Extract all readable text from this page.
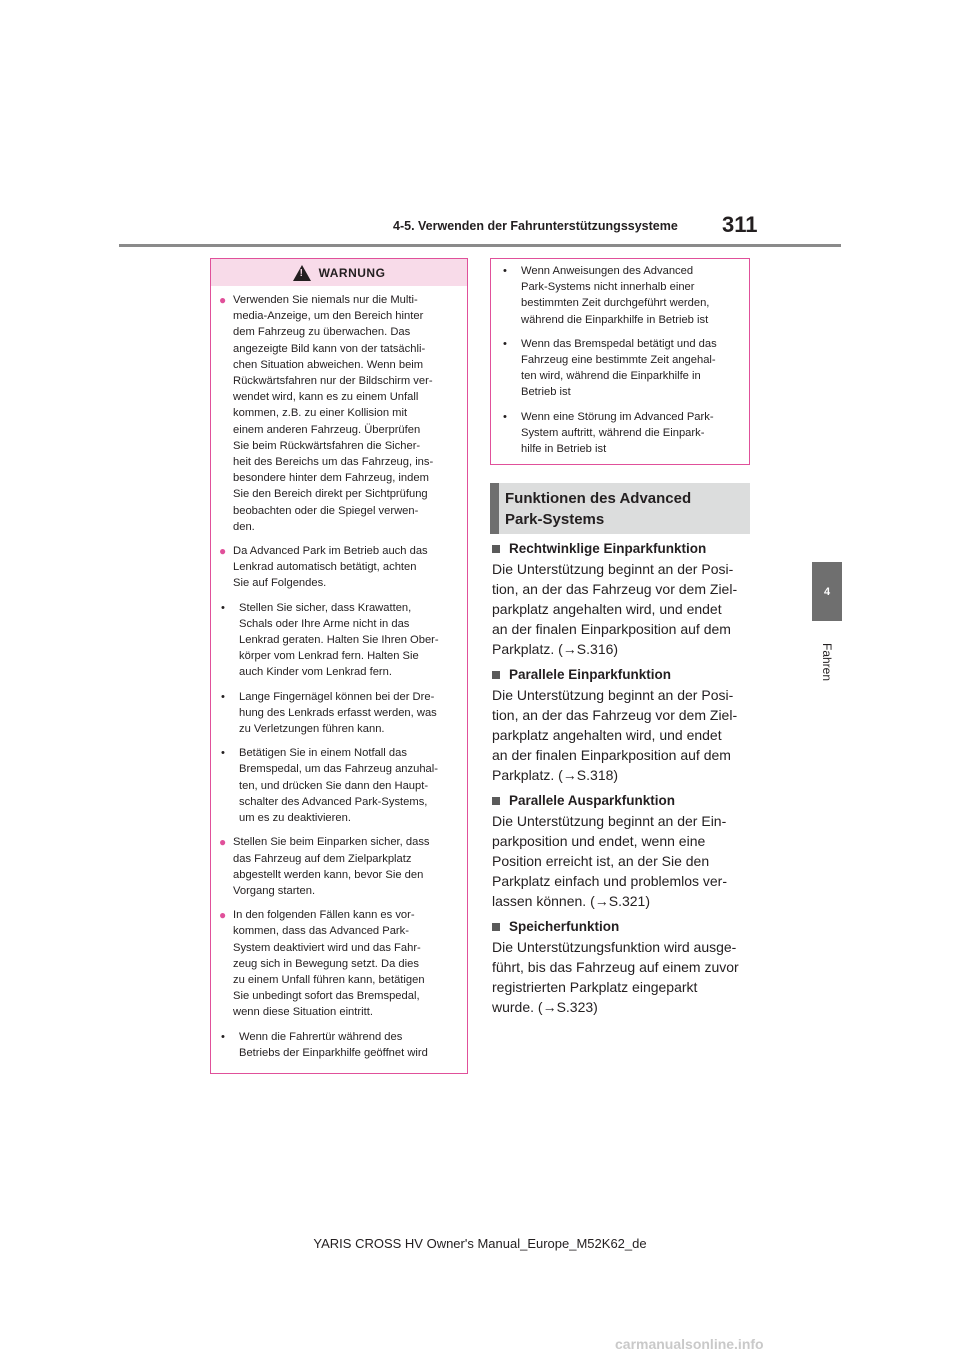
4-5. Verwenden der Fahrunterstützungssysteme 311
4
Fahren
!
WARNUNG
● Verwenden Sie niemals nur die Multi-
media-Anzeige, um den Bereich hinter
dem Fahrzeug zu überwachen. Das
angezeigte Bild kann von der tatsächli-
chen Situation abweichen. Wenn beim
Rückwärtsfahren nur der Bildschirm ver-
wendet wird, kann es zu einem Unfall
kommen, z.B. zu einer Kollision mit
einem anderen Fahrzeug. Überprüfen
Sie beim Rückwärtsfahren die Sicher-
heit des Bereichs um das Fahrzeug, ins-
besondere hinter dem Fahrzeug, indem
Sie den Bereich direkt per Sichtprüfung
beobachten oder die Spiegel verwen-
den.
● Da Advanced Park im Betrieb auch das
Lenkrad automatisch betätigt, achten
Sie auf Folgendes.
•	Stellen Sie sicher, dass Krawatten,
Schals oder Ihre Arme nicht in das
Lenkrad geraten. Halten Sie Ihren Ober-
körper vom Lenkrad fern. Halten Sie
auch Kinder vom Lenkrad fern.
•	Lange Fingernägel können bei der Dre-
hung des Lenkrads erfasst werden, was
zu Verletzungen führen kann.
•	Betätigen Sie in einem Notfall das
Bremspedal, um das Fahrzeug anzuhal-
ten, und drücken Sie dann den Haupt-
schalter des Advanced Park-Systems,
um es zu deaktivieren.
● Stellen Sie beim Einparken sicher, dass
das Fahrzeug auf dem Zielparkplatz
abgestellt werden kann, bevor Sie den
Vorgang starten.
● In den folgenden Fällen kann es vor-
kommen, dass das Advanced Park-
System deaktiviert wird und das Fahr-
zeug sich in Bewegung setzt. Da dies
zu einem Unfall führen kann, betätigen
Sie unbedingt sofort das Bremspedal,
wenn diese Situation eintritt.
•	Wenn die Fahrertür während des
Betriebs der Einparkhilfe geöffnet wird
•	Wenn Anweisungen des Advanced
Park-Systems nicht innerhalb einer
bestimmten Zeit durchgeführt werden,
während die Einparkhilfe in Betrieb ist
•	Wenn das Bremspedal betätigt und das
Fahrzeug eine bestimmte Zeit angehal-
ten wird, während die Einparkhilfe in
Betrieb ist
•	Wenn eine Störung im Advanced Park-
System auftritt, während die Einpark-
hilfe in Betrieb ist
Funktionen des Advanced
Park-Systems
Rechtwinklige Einparkfunktion
Die Unterstützung beginnt an der Posi-
tion, an der das Fahrzeug vor dem Ziel-
parkplatz angehalten wird, und endet
an der finalen Einparkposition auf dem
Parkplatz. (→S.316)
Parallele Einparkfunktion
Die Unterstützung beginnt an der Posi-
tion, an der das Fahrzeug vor dem Ziel-
parkplatz angehalten wird, und endet
an der finalen Einparkposition auf dem
Parkplatz. (→S.318)
Parallele Ausparkfunktion
Die Unterstützung beginnt an der Ein-
parkposition und endet, wenn eine
Position erreicht ist, an der Sie den
Parkplatz einfach und problemlos ver-
lassen können. (→S.321)
Speicherfunktion
Die Unterstützungsfunktion wird ausge-
führt, bis das Fahrzeug auf einem zuvor
registrierten Parkplatz eingeparkt
wurde. (→S.323)
YARIS CROSS HV Owner's Manual_Europe_M52K62_de
carmanualsonline.info
